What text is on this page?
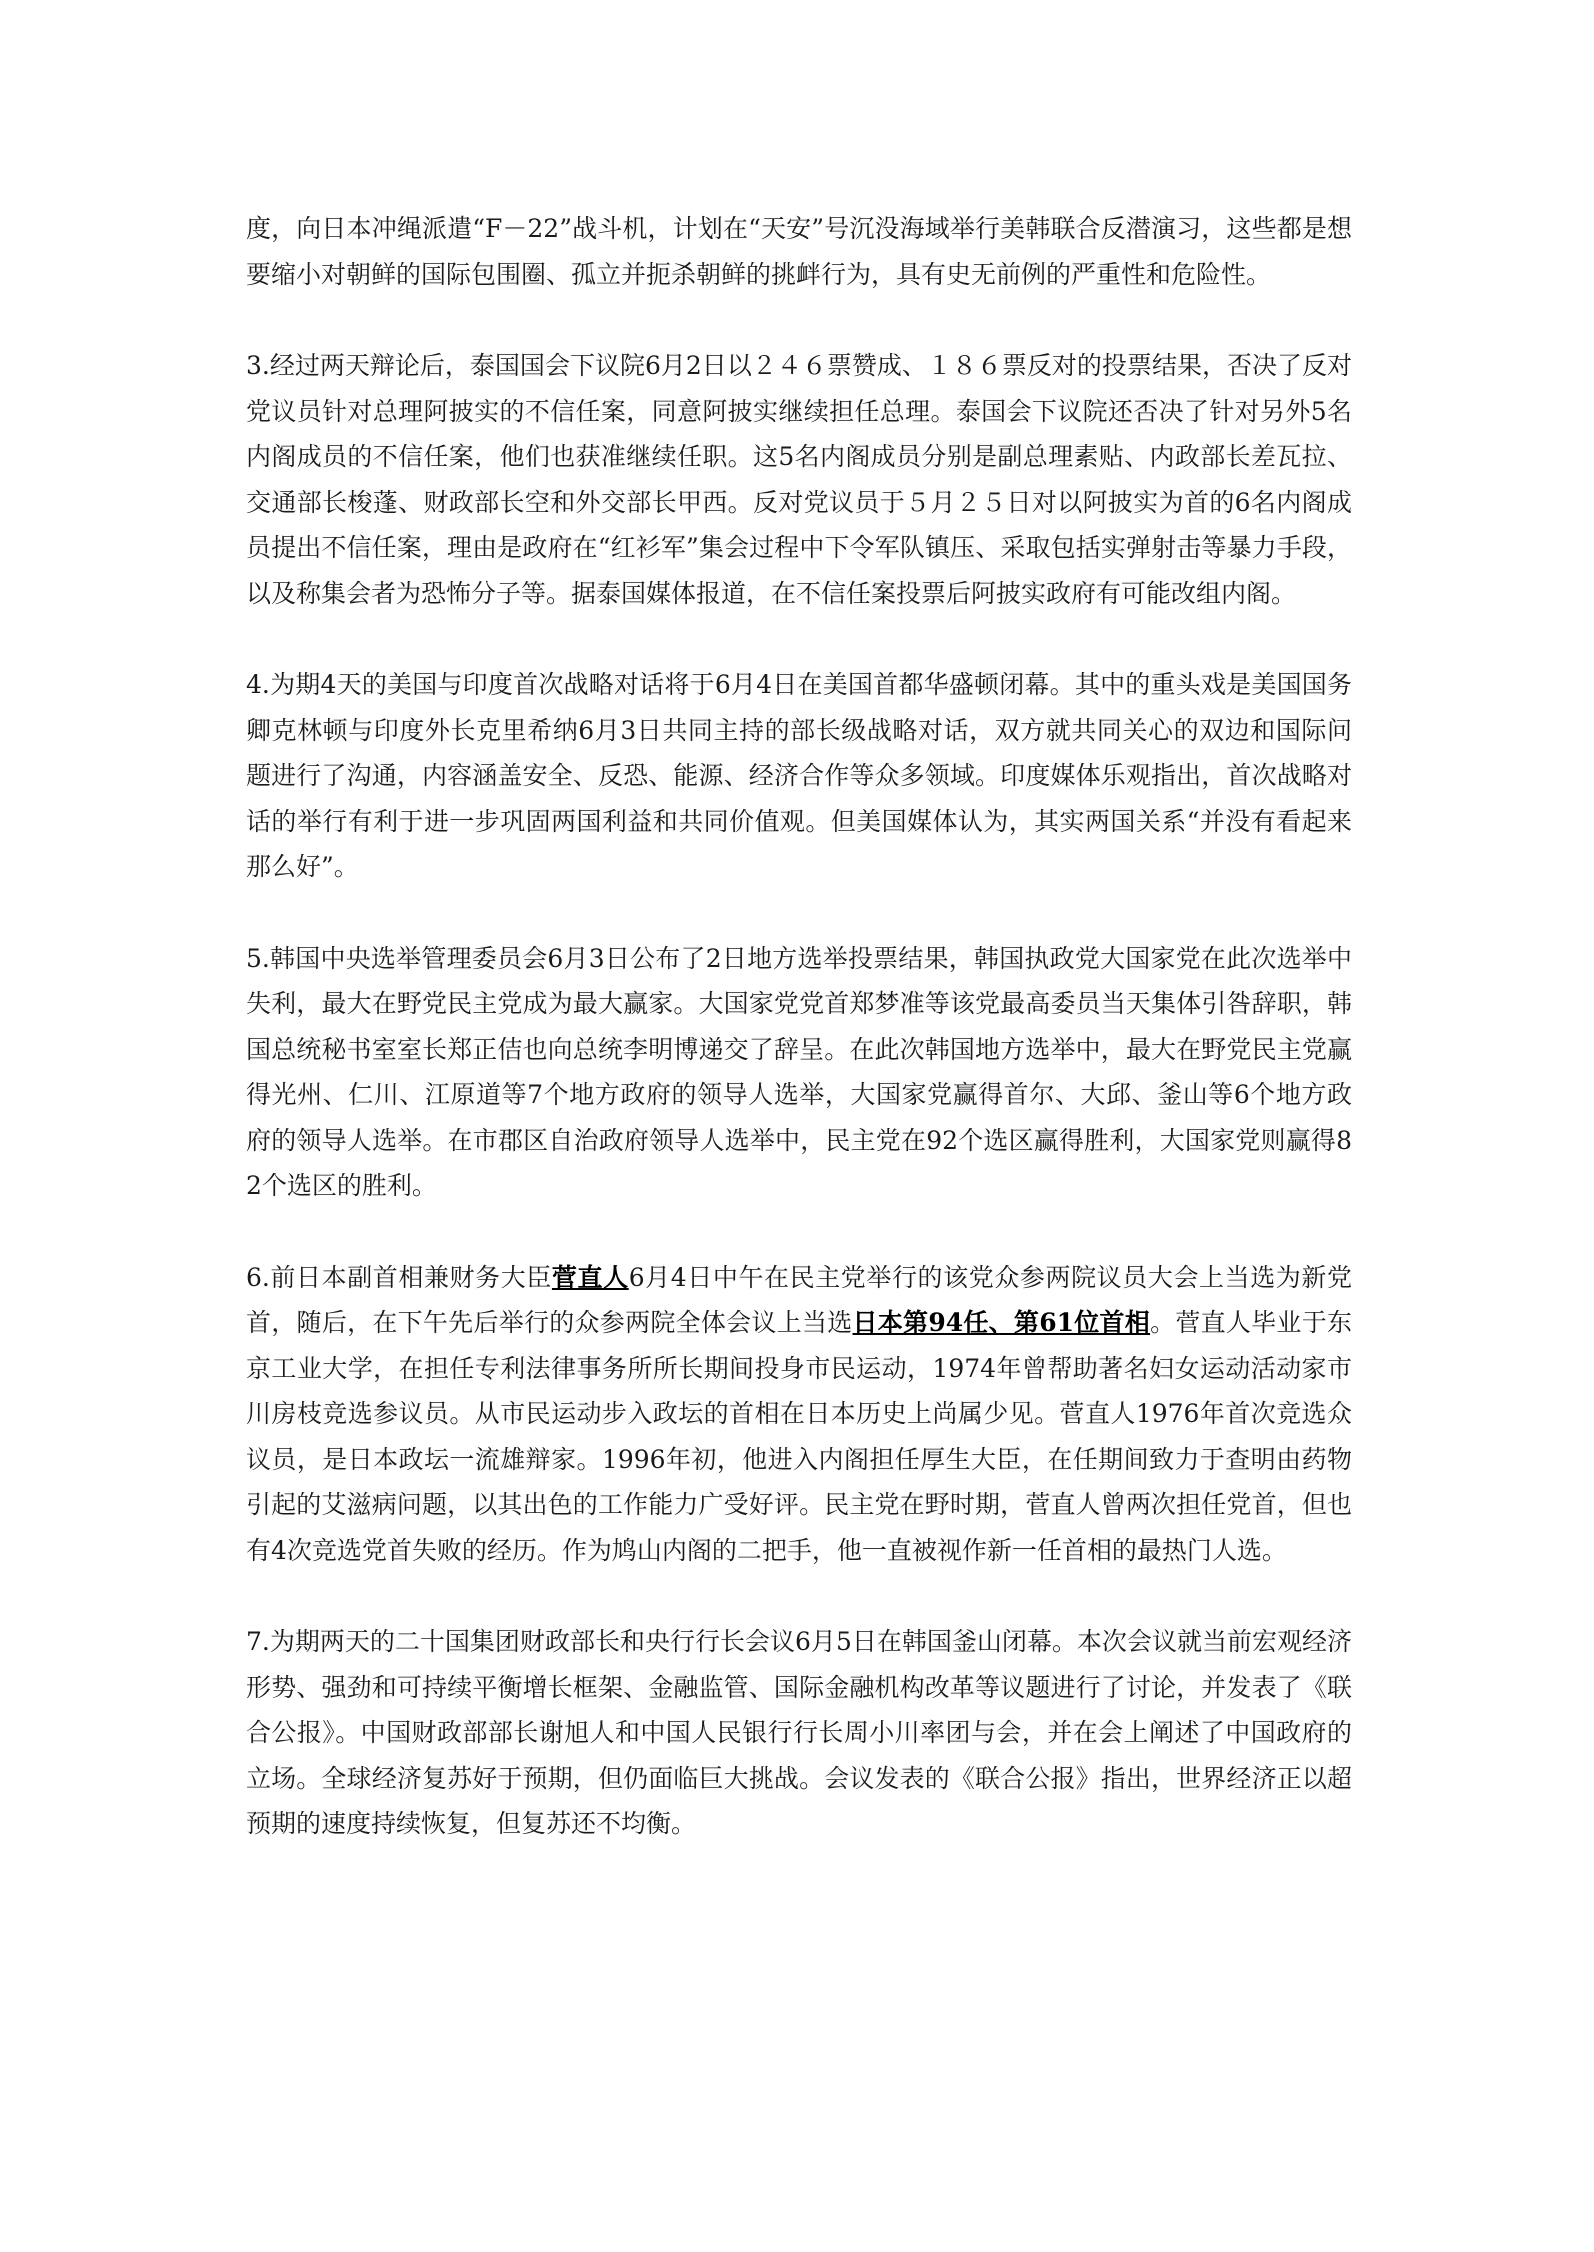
度，向日本冲绳派遣“F－22”战斗机，计划在“天安”号沉没海域举行美韩联合反潜演习，这些都是想要缩小对朝鲜的国际包围圈、孤立并扼杀朝鲜的挑衅行为，具有史无前例的严重性和危险性。

3.经过两天辩论后，泰国国会下议院6月2日以２４６票赞成、１８６票反对的投票结果，否决了反对党议员针对总理阿披实的不信任案，同意阿披实继续担任总理。泰国会下议院还否决了针对另外5名内阁成员的不信任案，他们也获准继续任职。这5名内阁成员分别是副总理素贴、内政部长差瓦拉、交通部长梭蓬、财政部长空和外交部长甲西。反对党议员于５月２５日对以阿披实为首的6名内阁成员提出不信任案，理由是政府在“红衫军”集会过程中下令军队镇压、采取包括实弹射击等暴力手段，以及称集会者为恐怖分子等。据泰国媒体报道，在不信任案投票后阿披实政府有可能改组内阁。

4.为期4天的美国与印度首次战略对话将于6月4日在美国首都华盛顿闭幕。其中的重头戏是美国国务卿克林顿与印度外长克里希纳6月3日共同主持的部长级战略对话，双方就共同关心的双边和国际问题进行了沟通，内容涵盖安全、反恐、能源、经济合作等众多领域。印度媒体乐观指出，首次战略对话的举行有利于进一步巩固两国利益和共同价值观。但美国媒体认为，其实两国关系“并没有看起来那么好”。

5.韩国中央选举管理委员会6月3日公布了2日地方选举投票结果，韩国执政党大国家党在此次选举中失利，最大在野党民主党成为最大赢家。大国家党党首郑梦准等该党最高委员当天集体引咎辞职，韩国总统秘书室室长郑正佶也向总统李明博递交了辞呈。在此次韩国地方选举中，最大在野党民主党赢得光州、仁川、江原道等7个地方政府的领导人选举，大国家党赢得首尔、大邱、釜山等6个地方政府的领导人选举。在市郡区自治政府领导人选举中，民主党在92个选区赢得胜利，大国家党则赢得82个选区的胜利。

6.前日本副首相兼财务大臣菅直人6月4日中午在民主党举行的该党众参两院议员大会上当选为新党首，随后，在下午先后举行的众参两院全体会议上当选日本第94任、第61位首相。菅直人毕业于东京工业大学，在担任专利法律事务所所长期间投身市民运动，1974年曾帮助著名妇女运动活动家市川房枝竞选参议员。从市民运动步入政坛的首相在日本历史上尚属少见。菅直人1976年首次竞选众议员，是日本政坛一流雄辩家。1996年初，他进入内阁担任厚生大臣，在任期间致力于查明由药物引起的艾滋病问题，以其出色的工作能力广受好评。民主党在野时期，菅直人曾两次担任党首，但也有4次竞选党首失败的经历。作为鸠山内阁的二把手，他一直被视作新一任首相的最热门人选。

7.为期两天的二十国集团财政部长和央行行长会议6月5日在韩国釜山闭幕。本次会议就当前宏观经济形势、强劲和可持续平衡增长框架、金融监管、国际金融机构改革等议题进行了讨论，并发表了《联合公报》。中国财政部部长谢旭人和中国人民银行行长周小川率团与会，并在会上阐述了中国政府的立场。全球经济复苏好于预期，但仍面临巨大挑战。会议发表的《联合公报》指出，世界经济正以超预期的速度持续恢复，但复苏还不均衡。
